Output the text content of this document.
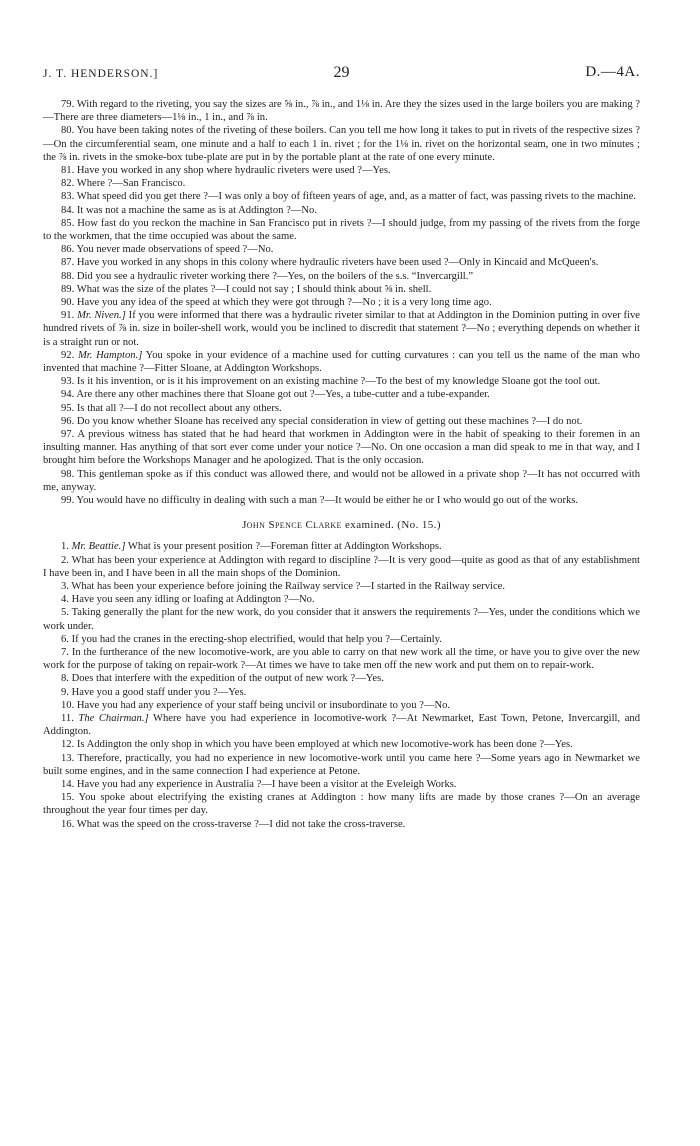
J. T. HENDERSON.]	29	D.—4A.

79. With regard to the riveting, you say the sizes are ⅝ in., ⅞ in., and 1⅛ in. Are they the sizes used in the large boilers you are making ?—There are three diameters—1⅛ in., 1 in., and ⅞ in.

80. You have been taking notes of the riveting of these boilers. Can you tell me how long it takes to put in rivets of the respective sizes ?—On the circumferential seam, one minute and a half to each 1 in. rivet ; for the 1⅛ in. rivet on the horizontal seam, one in two minutes ; the ⅞ in. rivets in the smoke-box tube-plate are put in by the portable plant at the rate of one every minute.

81. Have you worked in any shop where hydraulic riveters were used ?—Yes.

82. Where ?—San Francisco.

83. What speed did you get there ?—I was only a boy of fifteen years of age, and, as a matter of fact, was passing rivets to the machine.

84. It was not a machine the same as is at Addington ?—No.

85. How fast do you reckon the machine in San Francisco put in rivets ?—I should judge, from my passing of the rivets from the forge to the workmen, that the time occupied was about the same.

86. You never made observations of speed ?—No.

87. Have you worked in any shops in this colony where hydraulic riveters have been used ?—Only in Kincaid and McQueen's.

88. Did you see a hydraulic riveter working there ?—Yes, on the boilers of the s.s. “Invercargill.”

89. What was the size of the plates ?—I could not say ; I should think about ⅝ in. shell.

90. Have you any idea of the speed at which they were got through ?—No ; it is a very long time ago.

91. Mr. Niven.] If you were informed that there was a hydraulic riveter similar to that at Addington in the Dominion putting in over five hundred rivets of ⅞ in. size in boiler-shell work, would you be inclined to discredit that statement ?—No ; everything depends on whether it is a straight run or not.

92. Mr. Hampton.] You spoke in your evidence of a machine used for cutting curvatures : can you tell us the name of the man who invented that machine ?—Fitter Sloane, at Addington Workshops.

93. Is it his invention, or is it his improvement on an existing machine ?—To the best of my knowledge Sloane got the tool out.

94. Are there any other machines there that Sloane got out ?—Yes, a tube-cutter and a tube-expander.

95. Is that all ?—I do not recollect about any others.

96. Do you know whether Sloane has received any special consideration in view of getting out these machines ?—I do not.

97. A previous witness has stated that he had heard that workmen in Addington were in the habit of speaking to their foremen in an insulting manner. Has anything of that sort ever come under your notice ?—No. On one occasion a man did speak to me in that way, and I brought him before the Workshops Manager and he apologized. That is the only occasion.

98. This gentleman spoke as if this conduct was allowed there, and would not be allowed in a private shop ?—It has not occurred with me, anyway.

99. You would have no difficulty in dealing with such a man ?—It would be either he or I who would go out of the works.

John Spence Clarke examined. (No. 15.)

1. Mr. Beattie.] What is your present position ?—Foreman fitter at Addington Workshops.

2. What has been your experience at Addington with regard to discipline ?—It is very good—quite as good as that of any establishment I have been in, and I have been in all the main shops of the Dominion.

3. What has been your experience before joining the Railway service ?—I started in the Railway service.

4. Have you seen any idling or loafing at Addington ?—No.

5. Taking generally the plant for the new work, do you consider that it answers the requirements ?—Yes, under the conditions which we work under.

6. If you had the cranes in the erecting-shop electrified, would that help you ?—Certainly.

7. In the furtherance of the new locomotive-work, are you able to carry on that new work all the time, or have you to give over the new work for the purpose of taking on repair-work ?—At times we have to take men off the new work and put them on to repair-work.

8. Does that interfere with the expedition of the output of new work ?—Yes.

9. Have you a good staff under you ?—Yes.

10. Have you had any experience of your staff being uncivil or insubordinate to you ?—No.

11. The Chairman.] Where have you had experience in locomotive-work ?—At Newmarket, East Town, Petone, Invercargill, and Addington.

12. Is Addington the only shop in which you have been employed at which new locomotive-work has been done ?—Yes.

13. Therefore, practically, you had no experience in new locomotive-work until you came here ?—Some years ago in Newmarket we built some engines, and in the same connection I had experience at Petone.

14. Have you had any experience in Australia ?—I have been a visitor at the Eveleigh Works.

15. You spoke about electrifying the existing cranes at Addington : how many lifts are made by those cranes ?—On an average throughout the year four times per day.

16. What was the speed on the cross-traverse ?—I did not take the cross-traverse.
